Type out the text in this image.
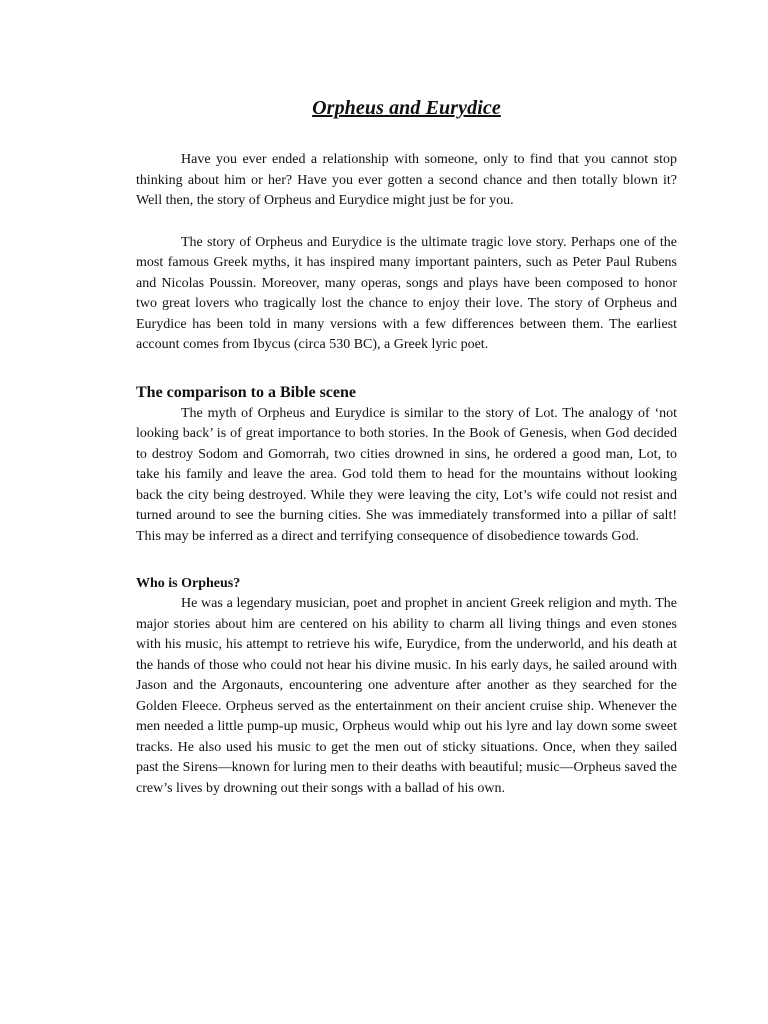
Orpheus and Eurydice

Have you ever ended a relationship with someone, only to find that you cannot stop thinking about him or her? Have you ever gotten a second chance and then totally blown it? Well then, the story of Orpheus and Eurydice might just be for you.

The story of Orpheus and Eurydice is the ultimate tragic love story. Perhaps one of the most famous Greek myths, it has inspired many important painters, such as Peter Paul Rubens and Nicolas Poussin. Moreover, many operas, songs and plays have been composed to honor two great lovers who tragically lost the chance to enjoy their love. The story of Orpheus and Eurydice has been told in many versions with a few differences between them. The earliest account comes from Ibycus (circa 530 BC), a Greek lyric poet.

The comparison to a Bible scene

The myth of Orpheus and Eurydice is similar to the story of Lot. The analogy of ‘not looking back’ is of great importance to both stories. In the Book of Genesis, when God decided to destroy Sodom and Gomorrah, two cities drowned in sins, he ordered a good man, Lot, to take his family and leave the area. God told them to head for the mountains without looking back the city being destroyed. While they were leaving the city, Lot’s wife could not resist and turned around to see the burning cities. She was immediately transformed into a pillar of salt! This may be inferred as a direct and terrifying consequence of disobedience towards God.

Who is Orpheus?

He was a legendary musician, poet and prophet in ancient Greek religion and myth. The major stories about him are centered on his ability to charm all living things and even stones with his music, his attempt to retrieve his wife, Eurydice, from the underworld, and his death at the hands of those who could not hear his divine music. In his early days, he sailed around with Jason and the Argonauts, encountering one adventure after another as they searched for the Golden Fleece. Orpheus served as the entertainment on their ancient cruise ship. Whenever the men needed a little pump-up music, Orpheus would whip out his lyre and lay down some sweet tracks. He also used his music to get the men out of sticky situations. Once, when they sailed past the Sirens—known for luring men to their deaths with beautiful; music—Orpheus saved the crew’s lives by drowning out their songs with a ballad of his own.
